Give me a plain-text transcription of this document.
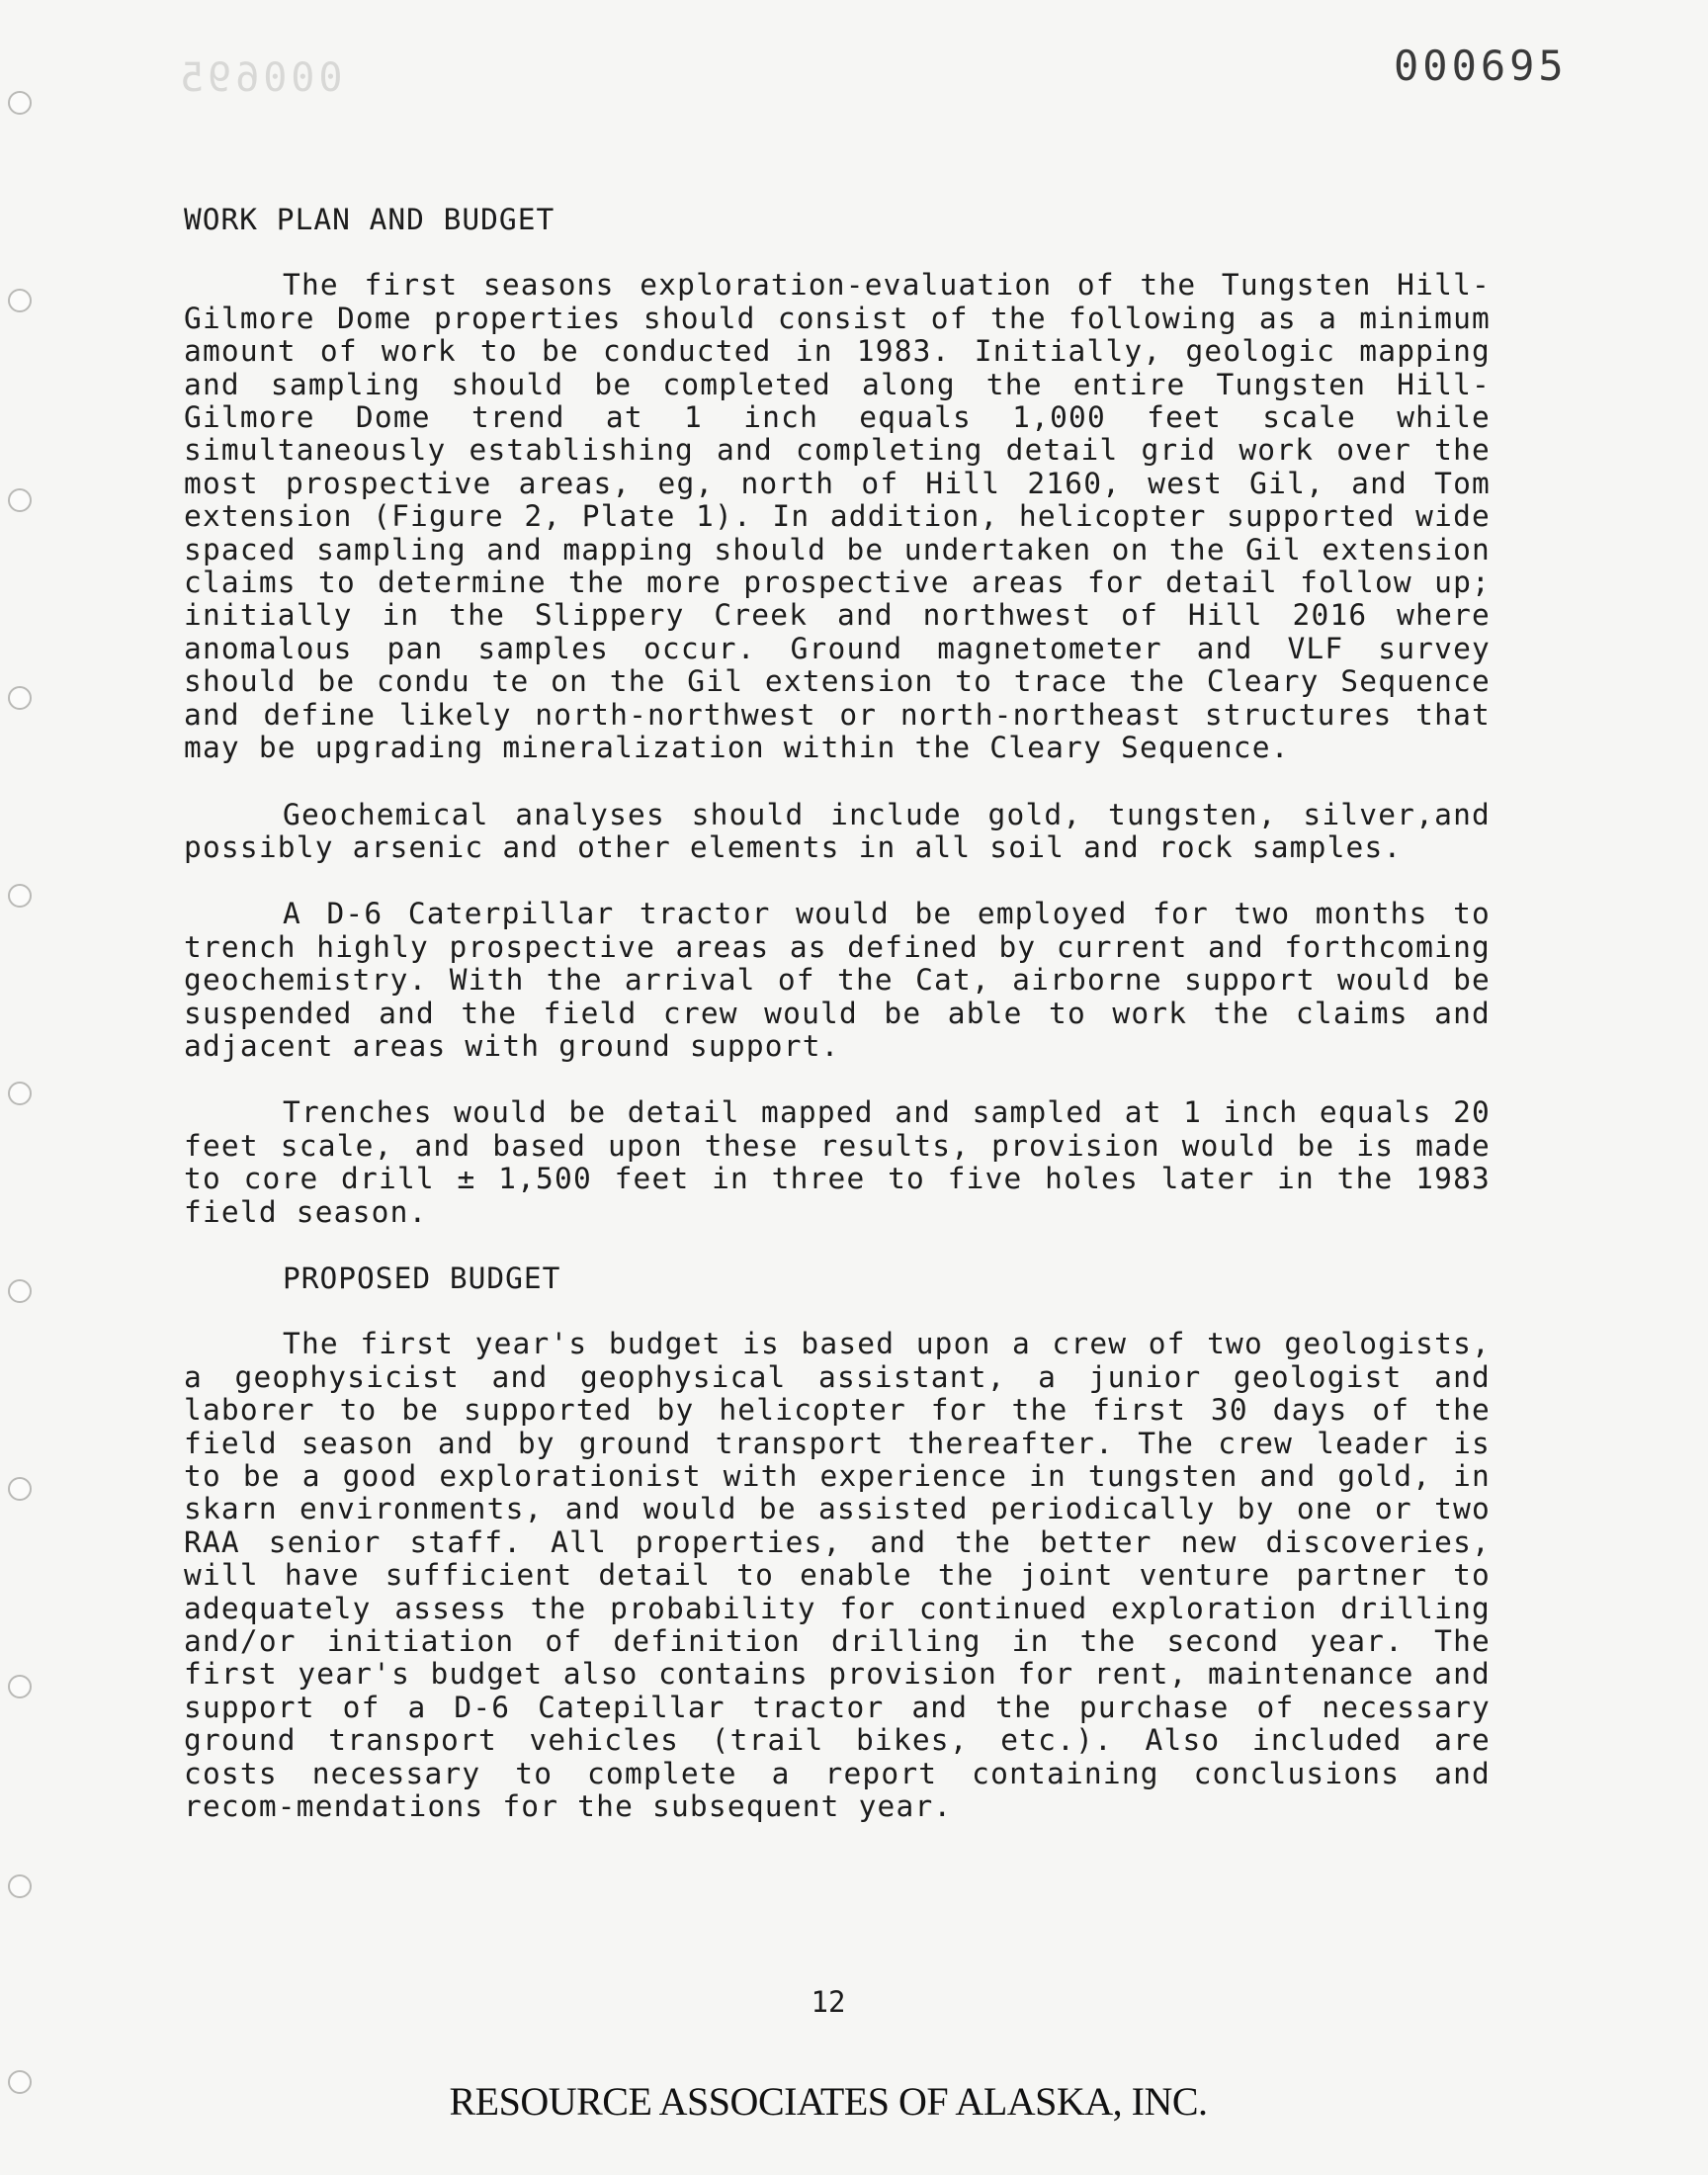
000695	000695
WORK PLAN AND BUDGET

The first seasons exploration-evaluation of the Tungsten Hill-Gilmore Dome properties should consist of the following as a minimum amount of work to be conducted in 1983. Initially, geologic mapping and sampling should be completed along the entire Tungsten Hill-Gilmore Dome trend at 1 inch equals 1,000 feet scale while simultaneously establishing and completing detail grid work over the most prospective areas, eg, north of Hill 2160, west Gil, and Tom extension (Figure 2, Plate 1). In addition, helicopter supported wide spaced sampling and mapping should be undertaken on the Gil extension claims to determine the more prospective areas for detail follow up; initially in the Slippery Creek and northwest of Hill 2016 where anomalous pan samples occur. Ground magnetometer and VLF survey should be condu te on the Gil extension to trace the Cleary Sequence and define likely north-northwest or north-northeast structures that may be upgrading mineralization within the Cleary Sequence.

Geochemical analyses should include gold, tungsten, silver,and possibly arsenic and other elements in all soil and rock samples.

A D-6 Caterpillar tractor would be employed for two months to trench highly prospective areas as defined by current and forthcoming geochemistry. With the arrival of the Cat, airborne support would be suspended and the field crew would be able to work the claims and adjacent areas with ground support.

Trenches would be detail mapped and sampled at 1 inch equals 20 feet scale, and based upon these results, provision would be is made to core drill ± 1,500 feet in three to five holes later in the 1983 field season.

PROPOSED BUDGET

The first year's budget is based upon a crew of two geologists, a geophysicist and geophysical assistant, a junior geologist and laborer to be supported by helicopter for the first 30 days of the field season and by ground transport thereafter. The crew leader is to be a good explorationist with experience in tungsten and gold, in skarn environments, and would be assisted periodically by one or two RAA senior staff. All properties, and the better new discoveries, will have sufficient detail to enable the joint venture partner to adequately assess the probability for continued exploration drilling and/or initiation of definition drilling in the second year. The first year's budget also contains provision for rent, maintenance and support of a D-6 Catepillar tractor and the purchase of necessary ground transport vehicles (trail bikes, etc.). Also included are costs necessary to complete a report containing conclusions and recom-mendations for the subsequent year.

12
RESOURCE ASSOCIATES OF ALASKA, INC.
